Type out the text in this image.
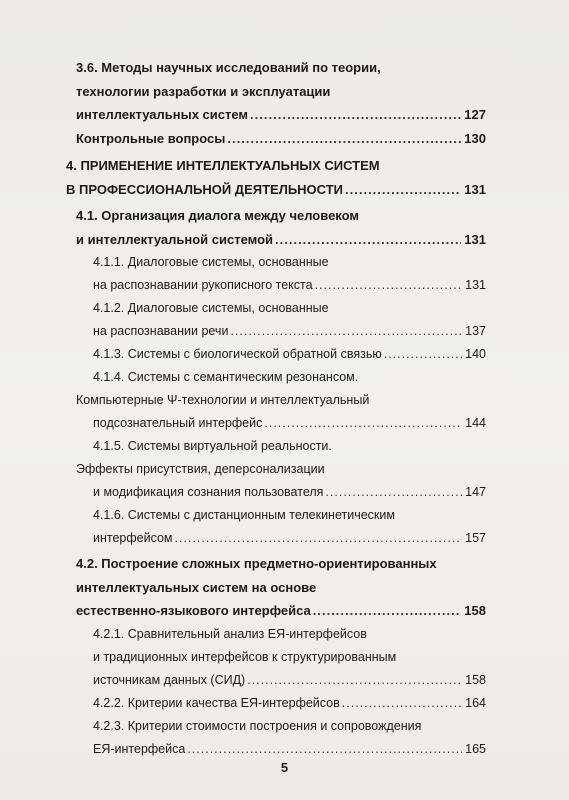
3.6. Методы научных исследований по теории,
технологии разработки и эксплуатации
интеллектуальных систем .....	127
Контрольные вопросы .....	130
4. ПРИМЕНЕНИЕ ИНТЕЛЛЕКТУАЛЬНЫХ СИСТЕМ
В ПРОФЕССИОНАЛЬНОЙ ДЕЯТЕЛЬНОСТИ .....	131
4.1. Организация диалога между человеком
и интеллектуальной системой .....	131
4.1.1. Диалоговые системы, основанные
на распознавании рукописного текста .....	131
4.1.2. Диалоговые системы, основанные
на распознавании речи .....	137
4.1.3. Системы с биологической обратной связью .....	140
4.1.4. Системы с семантическим резонансом.
Компьютерные Ψ-технологии и интеллектуальный
подсознательный интерфейс .....	144
4.1.5. Системы виртуальной реальности.
Эффекты присутствия, деперсонализации
и модификация сознания пользователя .....	147
4.1.6. Системы с дистанционным телекинетическим
интерфейсом .....	157
4.2. Построение сложных предметно-ориентированных
интеллектуальных систем на основе
естественно-языкового интерфейса .....	158
4.2.1. Сравнительный анализ ЕЯ-интерфейсов
и традиционных интерфейсов к структурированным
источникам данных (СИД) .....	158
4.2.2. Критерии качества ЕЯ-интерфейсов .....	164
4.2.3. Критерии стоимости построения и сопровождения
ЕЯ-интерфейса .....	165
5
